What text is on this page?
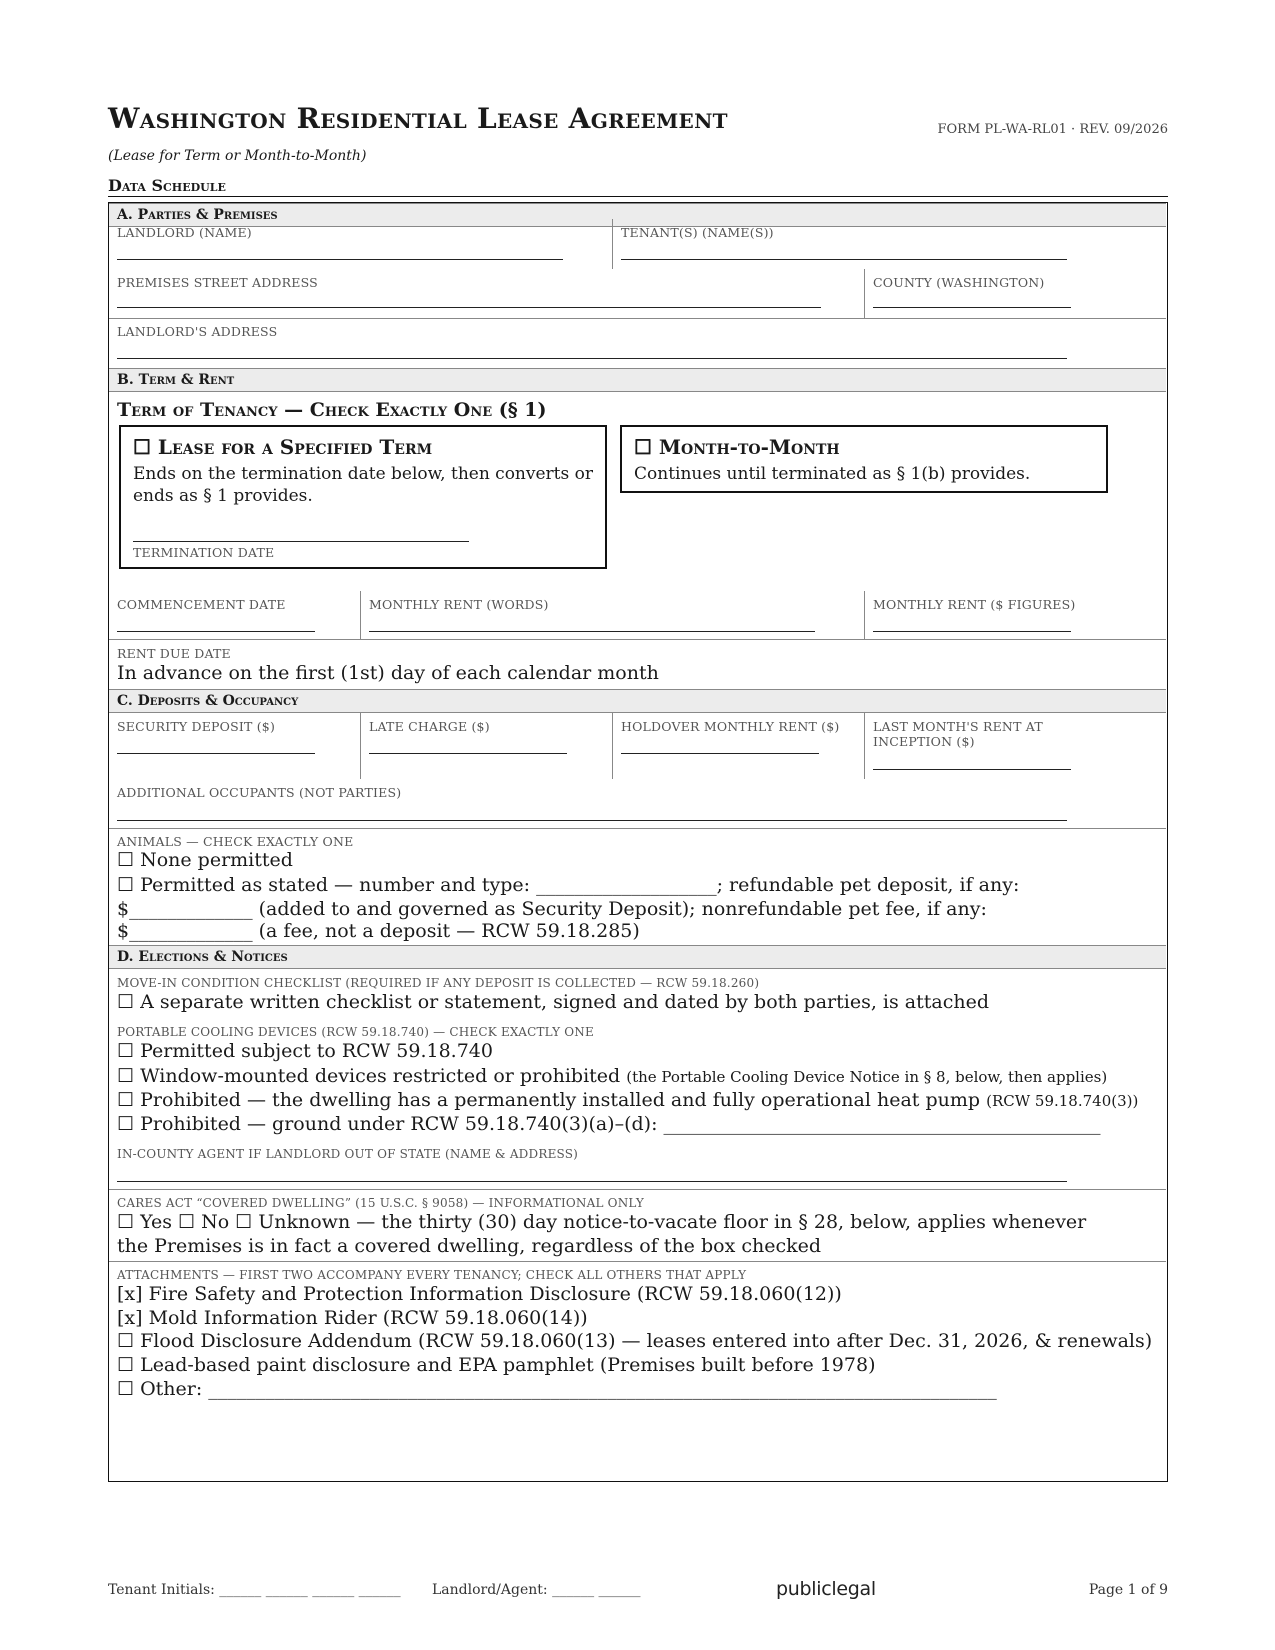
Washington Residential Lease Agreement	FORM PL-WA-RL01 · REV. 09/2026
(Lease for Term or Month-to-Month)
Data Schedule
A. Parties & Premises
LANDLORD (NAME)	TENANT(S) (NAME(S))
PREMISES STREET ADDRESS	COUNTY (WASHINGTON)
LANDLORD'S ADDRESS
B. Term & Rent
Term of Tenancy — Check Exactly One (§ 1)
☐ Lease for a Specified Term
Ends on the termination date below, then converts or ends as § 1 provides.
TERMINATION DATE
☐ Month-to-Month
Continues until terminated as § 1(b) provides.
COMMENCEMENT DATE	MONTHLY RENT (WORDS)	MONTHLY RENT ($ FIGURES)
RENT DUE DATE
In advance on the first (1st) day of each calendar month
C. Deposits & Occupancy
SECURITY DEPOSIT ($)	LATE CHARGE ($)	HOLDOVER MONTHLY RENT ($)	LAST MONTH'S RENT AT INCEPTION ($)
ADDITIONAL OCCUPANTS (NOT PARTIES)
ANIMALS — CHECK EXACTLY ONE
☐ None permitted
☐ Permitted as stated — number and type: ___________________; refundable pet deposit, if any:
$_____________ (added to and governed as Security Deposit); nonrefundable pet fee, if any:
$_____________ (a fee, not a deposit — RCW 59.18.285)
D. Elections & Notices
MOVE-IN CONDITION CHECKLIST (REQUIRED IF ANY DEPOSIT IS COLLECTED — RCW 59.18.260)
☐ A separate written checklist or statement, signed and dated by both parties, is attached
PORTABLE COOLING DEVICES (RCW 59.18.740) — CHECK EXACTLY ONE
☐ Permitted subject to RCW 59.18.740
☐ Window-mounted devices restricted or prohibited (the Portable Cooling Device Notice in § 8, below, then applies)
☐ Prohibited — the dwelling has a permanently installed and fully operational heat pump (RCW 59.18.740(3))
☐ Prohibited — ground under RCW 59.18.740(3)(a)–(d): ______________________________________________
IN-COUNTY AGENT IF LANDLORD OUT OF STATE (NAME & ADDRESS)
CARES ACT “COVERED DWELLING” (15 U.S.C. § 9058) — INFORMATIONAL ONLY
☐ Yes ☐ No ☐ Unknown — the thirty (30) day notice-to-vacate floor in § 28, below, applies whenever
the Premises is in fact a covered dwelling, regardless of the box checked
ATTACHMENTS — FIRST TWO ACCOMPANY EVERY TENANCY; CHECK ALL OTHERS THAT APPLY
[x] Fire Safety and Protection Information Disclosure (RCW 59.18.060(12))
[x] Mold Information Rider (RCW 59.18.060(14))
☐ Flood Disclosure Addendum (RCW 59.18.060(13) — leases entered into after Dec. 31, 2026, & renewals)
☐ Lead-based paint disclosure and EPA pamphlet (Premises built before 1978)
☐ Other: ___________________________________________________________________________________
Tenant Initials: ______ ______ ______ ______ Landlord/Agent: ______ ______	publiclegal	Page 1 of 9
